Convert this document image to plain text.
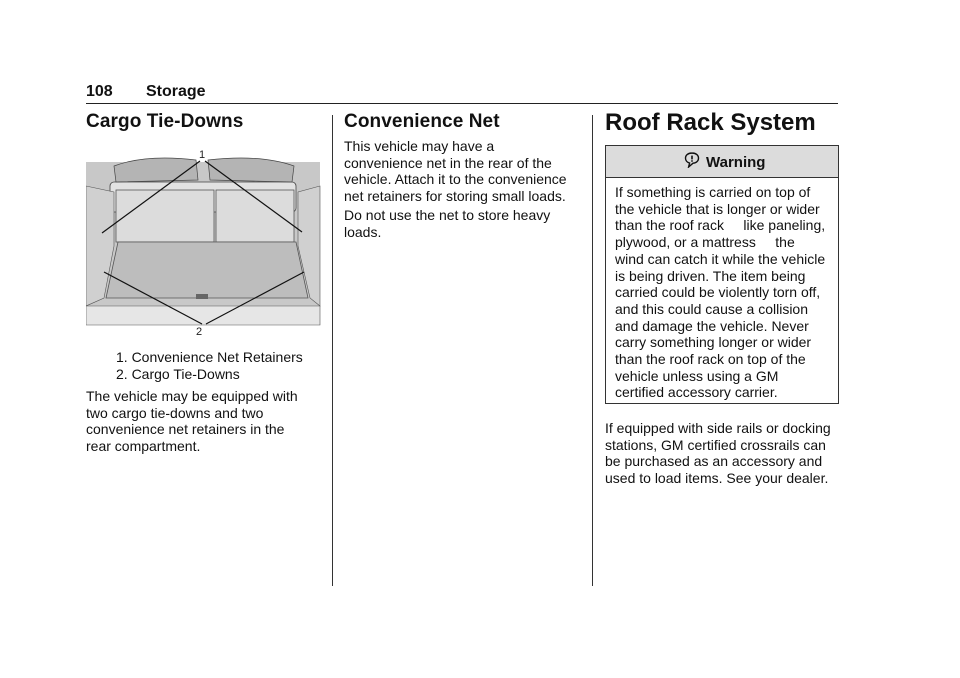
108 Storage
Cargo Tie-Downs
1
2
1. Convenience Net Retainers
2. Cargo Tie-Downs

The vehicle may be equipped with

two cargo tie-downs and two

convenience net retainers in the

rear compartment.

Convenience Net

This vehicle may have a

convenience net in the rear of the

vehicle. Attach it to the convenience

net retainers for storing small loads.

Do not use the net to store heavy

loads.

Roof Rack System
Warning

If something is carried on top of

the vehicle that is longer or wider

than the roof rack     like paneling,

plywood, or a mattress     the

wind can catch it while the vehicle

is being driven. The item being

carried could be violently torn off,

and this could cause a collision

and damage the vehicle. Never

carry something longer or wider

than the roof rack on top of the

vehicle unless using a GM

certified accessory carrier.

If equipped with side rails or docking

stations, GM certified crossrails can

be purchased as an accessory and

used to load items. See your dealer.
